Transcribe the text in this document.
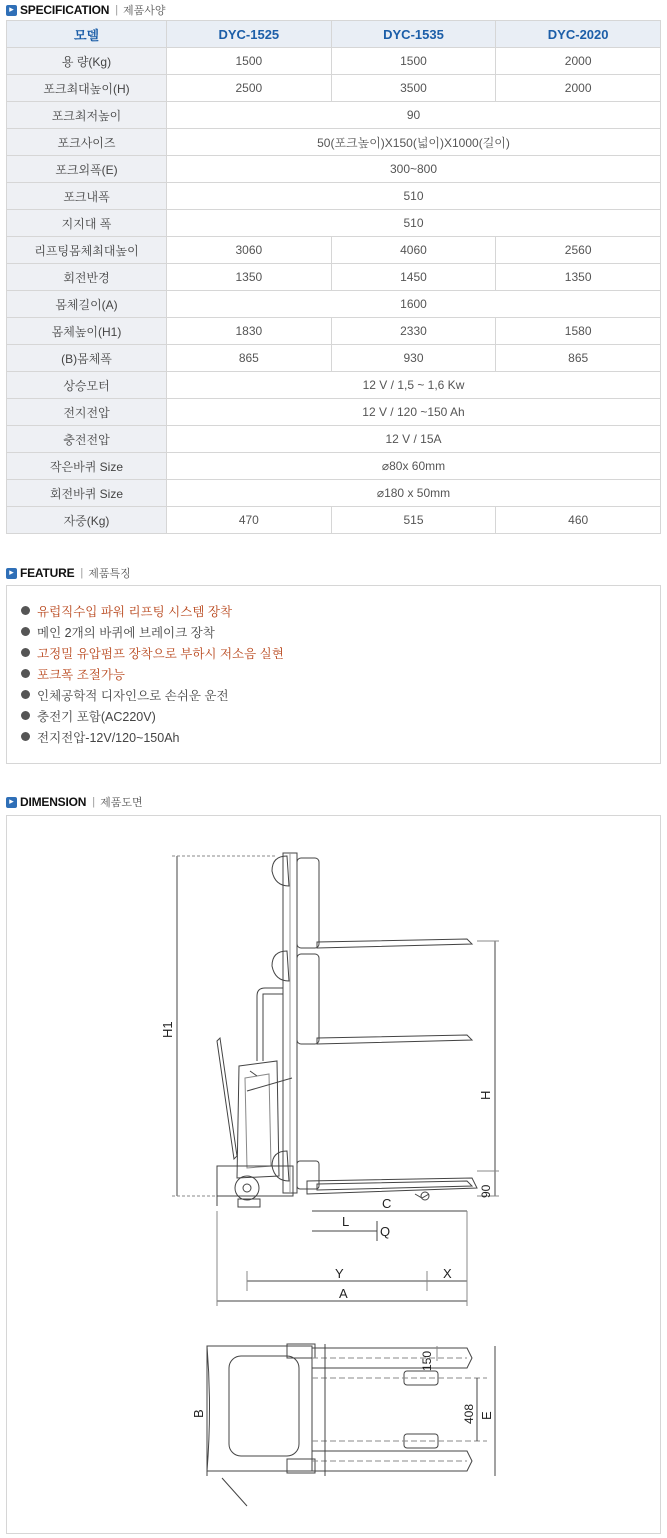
▸ SPECIFICATION | 제품사양
모델	DYC-1525	DYC-1535	DYC-2020
용 량(Kg)	1500	1500	2000
포크최대높이(H)	2500	3500	2000
포크최저높이	90		
포크사이즈	50(포크높이)X150(넓이)X1000(길이)		
포크외폭(E)	300~800		
포크내폭	510		
지지대 폭	510		
리프팅몸체최대높이	3060	4060	2560
회전반경	1350	1450	1350
몸체길이(A)	1600		
몸체높이(H1)	1830	2330	1580
(B)몸체폭	865	930	865
상승모터	12 V / 1,5 ~ 1,6 Kw		
전지전압	12 V / 120 ~150 Ah		
충전전압	12 V / 15A		
작은바퀴 Size	⌀80x 60mm		
회전바퀴 Size	⌀180 x 50mm		
자중(Kg)	470	515	460
▸ FEATURE | 제품특징
유럽직수입 파워 리프팅 시스템 장착
메인 2개의 바퀴에 브레이크 장착
고정밀 유압펌프 장착으로 부하시 저소음 실현
포크폭 조절가능
인체공학적 디자인으로 손쉬운 운전
충전기 포함(AC220V)
전지전압-12V/120~150Ah
▸ DIMENSION | 제품도면
H1
H
C
L
Q
Y	X
A
90
B	E
150
408
